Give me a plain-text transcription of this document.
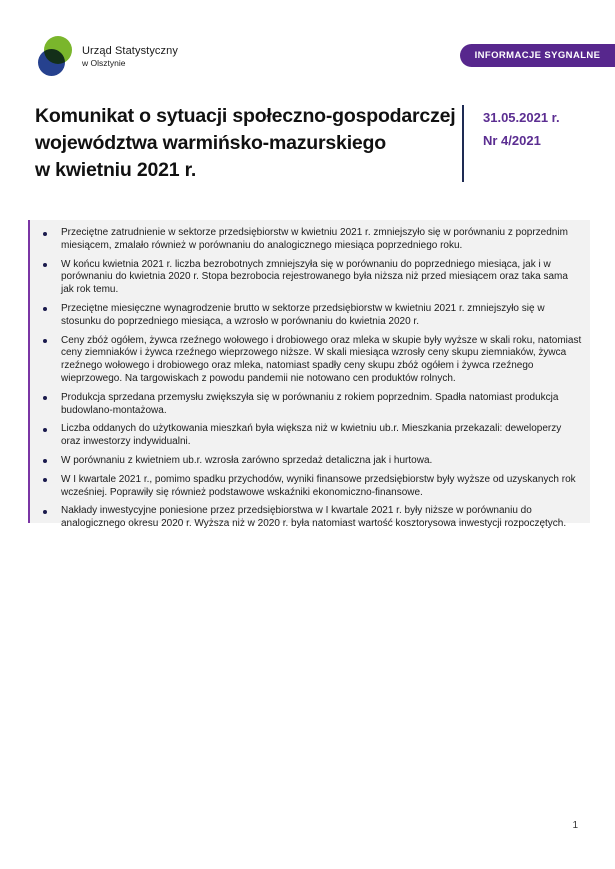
Urząd Statystyczny
w Olsztynie
INFORMACJE SYGNALNE
Komunikat o sytuacji społeczno-gospodarczej
województwa warmińsko-mazurskiego
w kwietniu 2021 r.
31.05.2021 r.
Nr 4/2021
Przeciętne zatrudnienie w sektorze przedsiębiorstw w kwietniu 2021 r. zmniejszyło się w porównaniu z poprzednim miesiącem, zmalało również w porównaniu do analogicznego miesiąca poprzedniego roku.
W końcu kwietnia 2021 r. liczba bezrobotnych zmniejszyła się w porównaniu do poprzedniego miesiąca, jak i w porównaniu do kwietnia 2020 r. Stopa bezrobocia rejestrowanego była niższa niż przed miesiącem oraz taka sama jak rok temu.
Przeciętne miesięczne wynagrodzenie brutto w sektorze przedsiębiorstw w kwietniu 2021 r. zmniejszyło się w stosunku do poprzedniego miesiąca, a wzrosło w porównaniu do kwietnia 2020 r.
Ceny zbóż ogółem, żywca rzeźnego wołowego i drobiowego oraz mleka w skupie były wyższe w skali roku, natomiast ceny ziemniaków i żywca rzeźnego wieprzowego niższe. W skali miesiąca wzrosły ceny skupu ziemniaków, żywca rzeźnego wołowego i drobiowego oraz mleka, natomiast spadły ceny skupu zbóż ogółem i żywca rzeźnego wieprzowego. Na targowiskach z powodu pandemii nie notowano cen produktów rolnych.
Produkcja sprzedana przemysłu zwiększyła się w porównaniu z rokiem poprzednim. Spadła natomiast produkcja budowlano-montażowa.
Liczba oddanych do użytkowania mieszkań była większa niż w kwietniu ub.r. Mieszkania przekazali: deweloperzy oraz inwestorzy indywidualni.
W porównaniu z kwietniem ub.r. wzrosła zarówno sprzedaż detaliczna jak i hurtowa.
W I kwartale 2021 r., pomimo spadku przychodów, wyniki finansowe przedsiębiorstw były wyższe od uzyskanych rok wcześniej. Poprawiły się również podstawowe wskaźniki ekonomiczno-finansowe.
Nakłady inwestycyjne poniesione przez przedsiębiorstwa w I kwartale 2021 r. były niższe w porównaniu do analogicznego okresu 2020 r. Wyższa niż w 2020 r. była natomiast wartość kosztorysowa inwestycji rozpoczętych.
1
